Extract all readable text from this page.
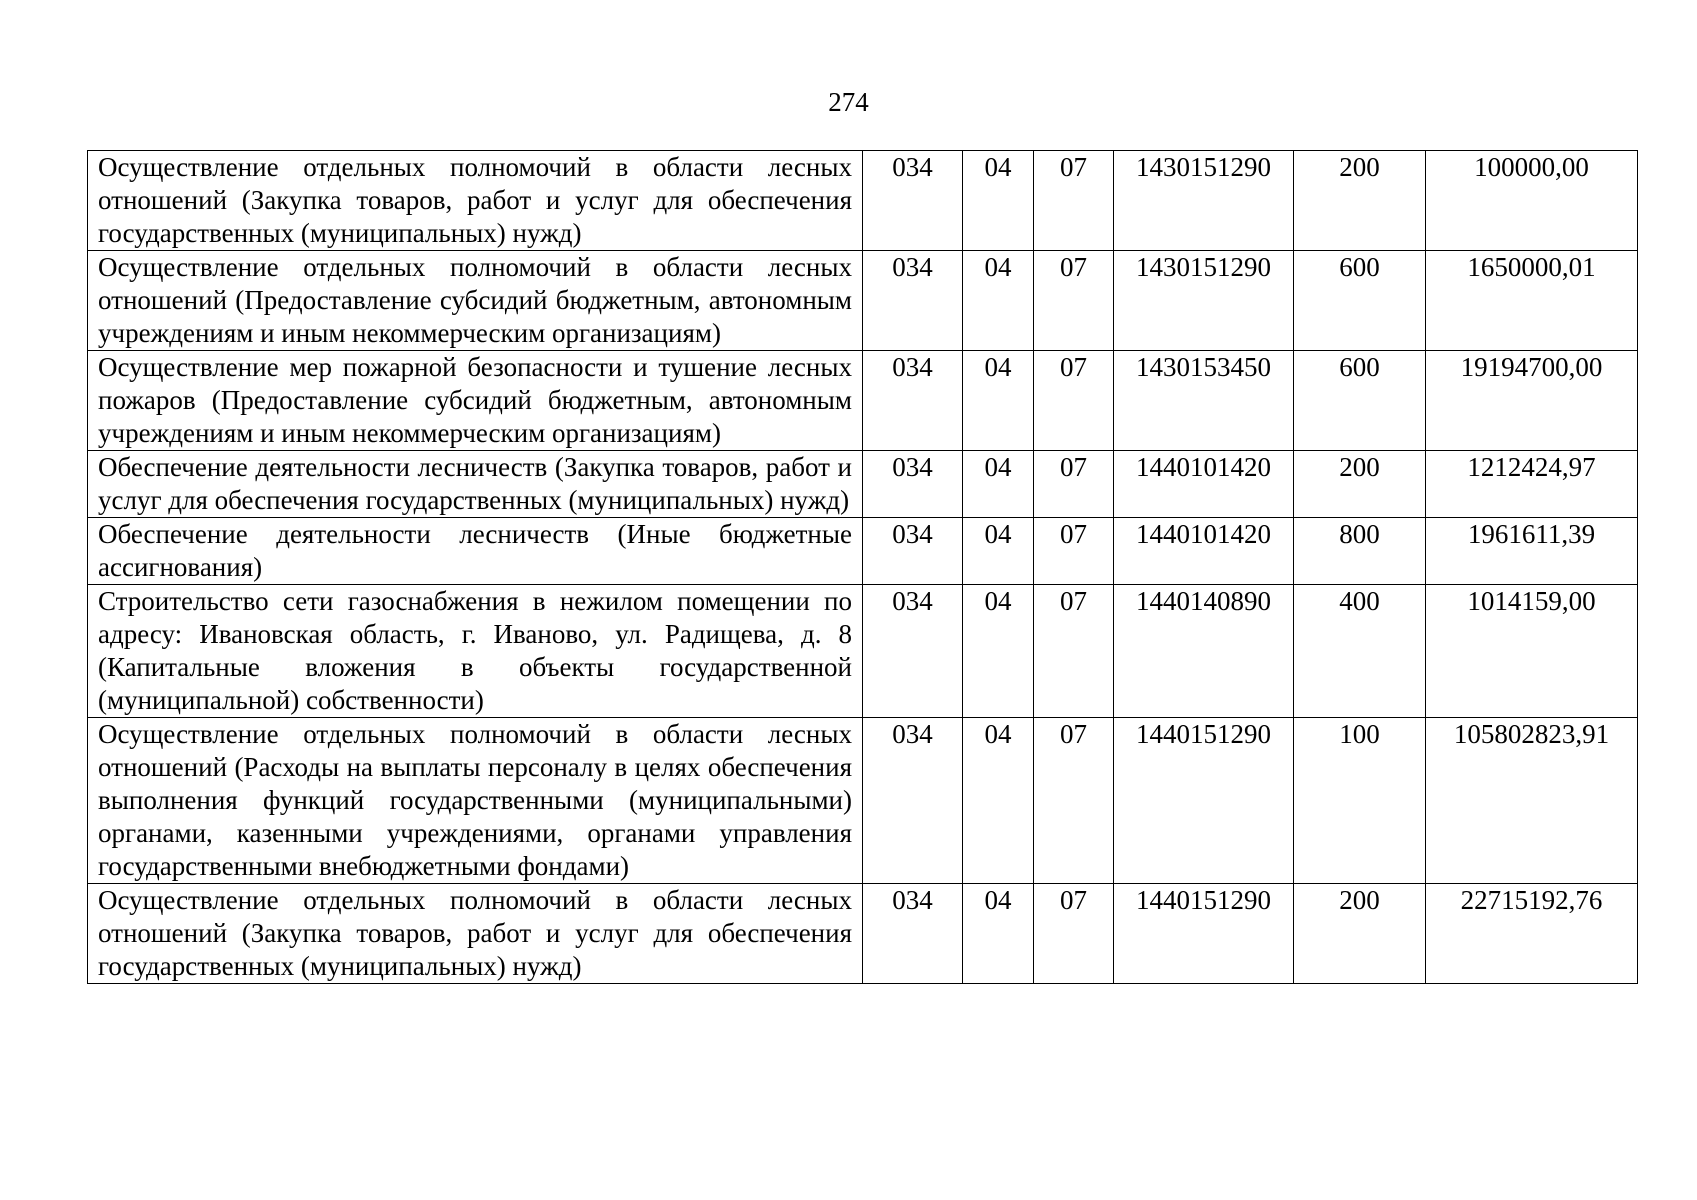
274
Осуществление отдельных полномочий в области лесных отношений (Закупка товаров, работ и услуг для обеспечения государственных (муниципальных) нужд)	034	04	07	1430151290	200	100000,00
Осуществление отдельных полномочий в области лесных отношений (Предоставление субсидий бюджетным, автономным учреждениям и иным некоммерческим организациям)	034	04	07	1430151290	600	1650000,01
Осуществление мер пожарной безопасности и тушение лесных пожаров (Предоставление субсидий бюджетным, автономным учреждениям и иным некоммерческим организациям)	034	04	07	1430153450	600	19194700,00
Обеспечение деятельности лесничеств (Закупка товаров, работ и услуг для обеспечения государственных (муниципальных) нужд)	034	04	07	1440101420	200	1212424,97
Обеспечение деятельности лесничеств (Иные бюджетные ассигнования)	034	04	07	1440101420	800	1961611,39
Строительство сети газоснабжения в нежилом помещении по адресу: Ивановская область, г. Иваново, ул. Радищева, д. 8 (Капитальные вложения в объекты государственной (муниципальной) собственности)	034	04	07	1440140890	400	1014159,00
Осуществление отдельных полномочий в области лесных отношений (Расходы на выплаты персоналу в целях обеспечения выполнения функций государственными (муниципальными) органами, казенными учреждениями, органами управления государственными внебюджетными фондами)	034	04	07	1440151290	100	105802823,91
Осуществление отдельных полномочий в области лесных отношений (Закупка товаров, работ и услуг для обеспечения государственных (муниципальных) нужд)	034	04	07	1440151290	200	22715192,76
